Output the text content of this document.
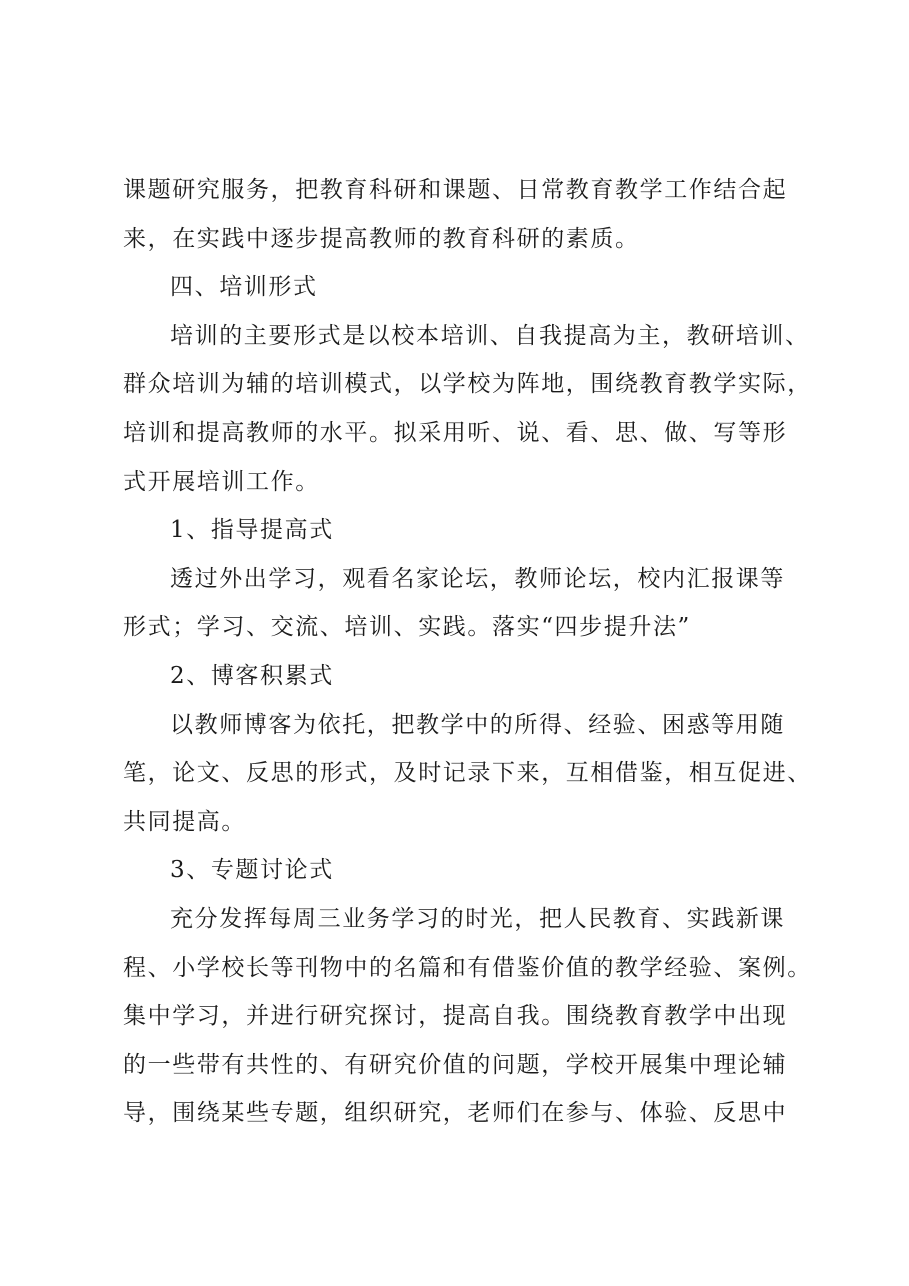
课题研究服务，把教育科研和课题、日常教育教学工作结合起
来，在实践中逐步提高教师的教育科研的素质。
四、培训形式
培训的主要形式是以校本培训、自我提高为主，教研培训、
群众培训为辅的培训模式，以学校为阵地，围绕教育教学实际，
培训和提高教师的水平。拟采用听、说、看、思、做、写等形
式开展培训工作。
1、指导提高式
透过外出学习，观看名家论坛，教师论坛，校内汇报课等
形式；学习、交流、培训、实践。落实“四步提升法”
2、博客积累式
以教师博客为依托，把教学中的所得、经验、困惑等用随
笔，论文、反思的形式，及时记录下来，互相借鉴，相互促进、
共同提高。
3、专题讨论式
充分发挥每周三业务学习的时光，把人民教育、实践新课
程、小学校长等刊物中的名篇和有借鉴价值的教学经验、案例。
集中学习，并进行研究探讨，提高自我。围绕教育教学中出现
的一些带有共性的、有研究价值的问题，学校开展集中理论辅
导，围绕某些专题，组织研究，老师们在参与、体验、反思中
